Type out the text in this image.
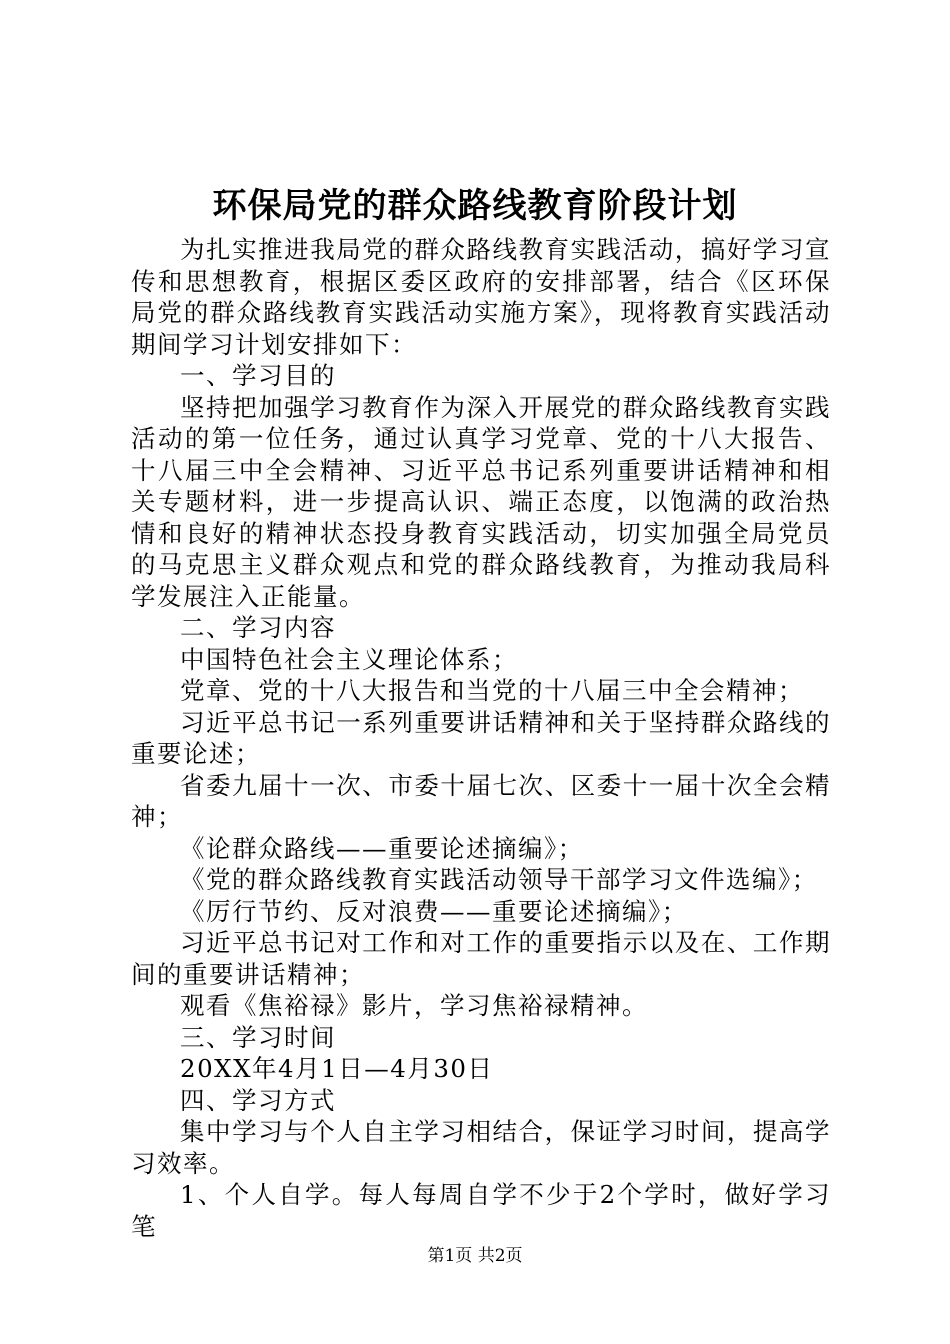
环保局党的群众路线教育阶段计划

为扎实推进我局党的群众路线教育实践活动，搞好学习宣传和思想教育，根据区委区政府的安排部署，结合《区环保局党的群众路线教育实践活动实施方案》，现将教育实践活动期间学习计划安排如下：

一、学习目的

坚持把加强学习教育作为深入开展党的群众路线教育实践活动的第一位任务，通过认真学习党章、党的十八大报告、十八届三中全会精神、习近平总书记系列重要讲话精神和相关专题材料，进一步提高认识、端正态度，以饱满的政治热情和良好的精神状态投身教育实践活动，切实加强全局党员的马克思主义群众观点和党的群众路线教育，为推动我局科学发展注入正能量。

二、学习内容

中国特色社会主义理论体系；

党章、党的十八大报告和当党的十八届三中全会精神；

习近平总书记一系列重要讲话精神和关于坚持群众路线的重要论述；

省委九届十一次、市委十届七次、区委十一届十次全会精神；

《论群众路线——重要论述摘编》；

《党的群众路线教育实践活动领导干部学习文件选编》；

《厉行节约、反对浪费——重要论述摘编》；

习近平总书记对工作和对工作的重要指示以及在、工作期间的重要讲话精神；

观看《焦裕禄》影片，学习焦裕禄精神。

三、学习时间

20XX年4月1日—4月30日

四、学习方式

集中学习与个人自主学习相结合，保证学习时间，提高学习效率。

1、个人自学。每人每周自学不少于2个学时，做好学习笔

第1页 共2页
